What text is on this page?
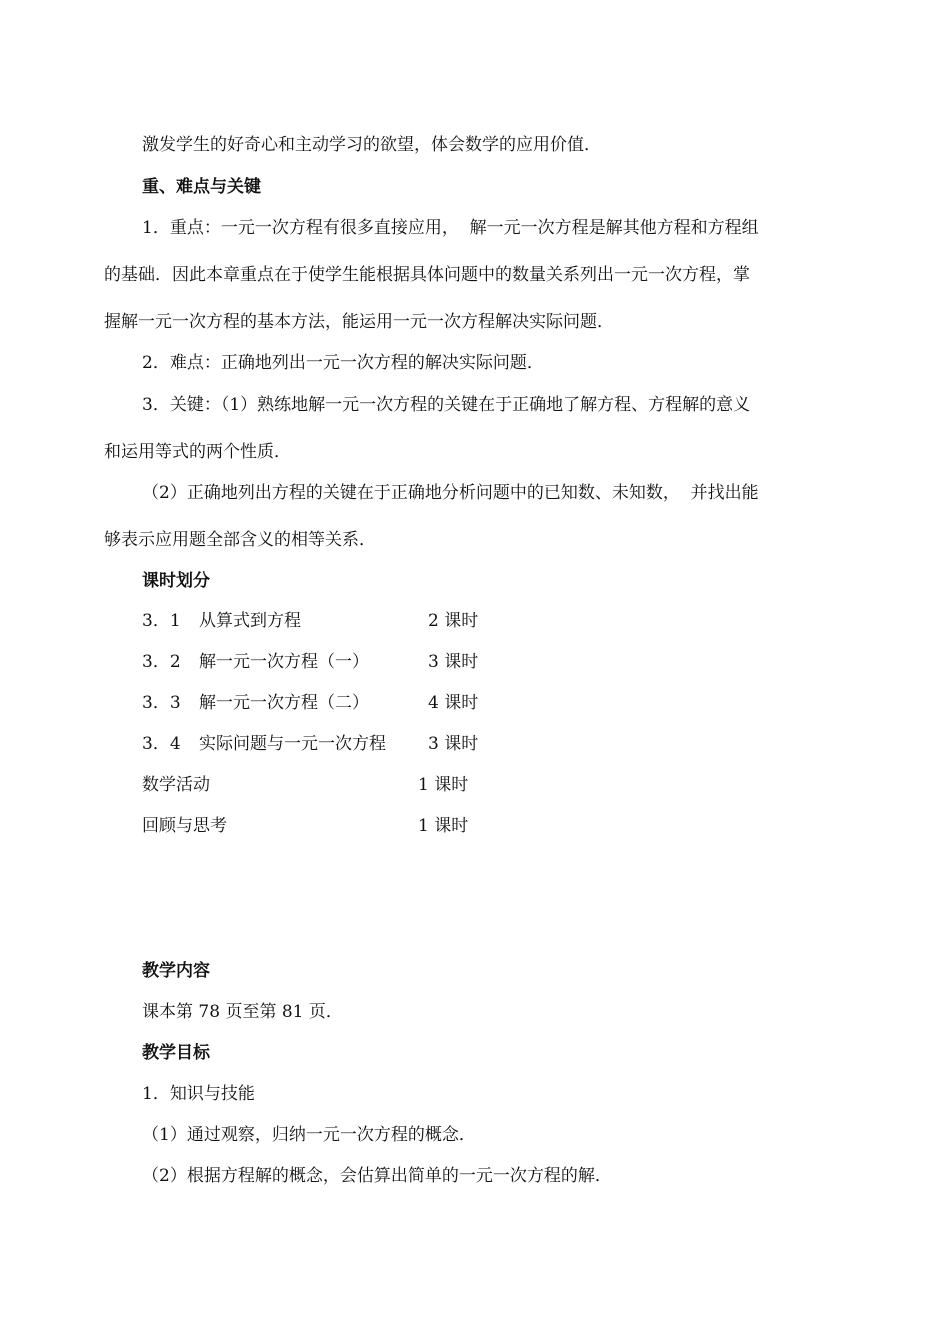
激发学生的好奇心和主动学习的欲望，体会数学的应用价值．
重、难点与关键
1．重点：一元一次方程有很多直接应用，  解一元一次方程是解其他方程和方程组
的基础．因此本章重点在于使学生能根据具体问题中的数量关系列出一元一次方程，掌
握解一元一次方程的基本方法，能运用一元一次方程解决实际问题．
2．难点：正确地列出一元一次方程的解决实际问题．
3．关键：（1）熟练地解一元一次方程的关键在于正确地了解方程、方程解的意义
和运用等式的两个性质．
（2）正确地列出方程的关键在于正确地分析问题中的已知数、未知数，  并找出能
够表示应用题全部含义的相等关系．
课时划分
3．1 从算式到方程	2 课时
3．2 解一元一次方程（一）	3 课时
3．3 解一元一次方程（二）	4 课时
3．4 实际问题与一元一次方程 3 课时
数学活动	1 课时
回顾与思考	1 课时
教学内容
课本第 78 页至第 81 页．
教学目标
1．知识与技能
（1）通过观察，归纳一元一次方程的概念．
（2）根据方程解的概念，会估算出简单的一元一次方程的解．
